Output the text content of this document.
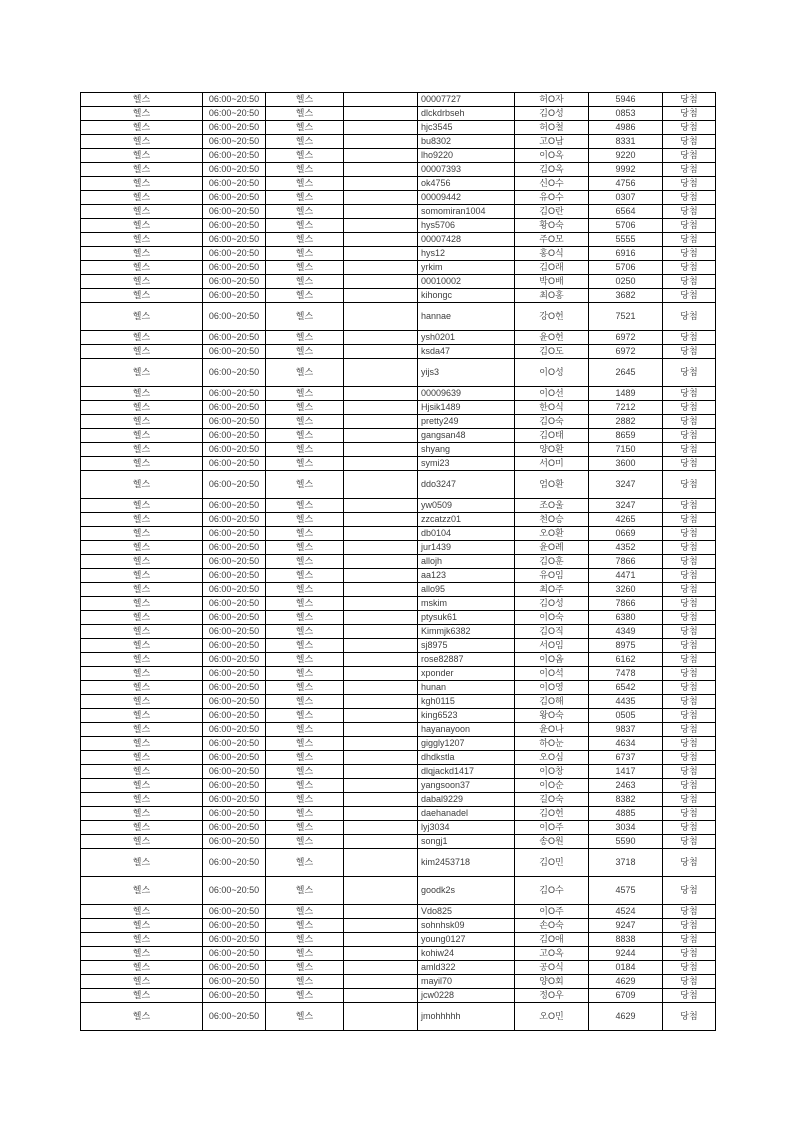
헬스	06:00~20:50	헬스		00007727	허O자	5946	당첨
헬스	06:00~20:50	헬스		dlckdrbseh	김O성	0853	당첨
헬스	06:00~20:50	헬스		hjc3545	허O철	4986	당첨
헬스	06:00~20:50	헬스		bu8302	고O남	8331	당첨
헬스	06:00~20:50	헬스		lho9220	이O옥	9220	당첨
헬스	06:00~20:50	헬스		00007393	김O옥	9992	당첨
헬스	06:00~20:50	헬스		ok4756	신O수	4756	당첨
헬스	06:00~20:50	헬스		00009442	유O수	0307	당첨
헬스	06:00~20:50	헬스		somomiran1004	김O란	6564	당첨
헬스	06:00~20:50	헬스		hys5706	황O숙	5706	당첨
헬스	06:00~20:50	헬스		00007428	주O모	5555	당첨
헬스	06:00~20:50	헬스		hys12	홍O식	6916	당첨
헬스	06:00~20:50	헬스		yrkim	김O래	5706	당첨
헬스	06:00~20:50	헬스		00010002	박O배	0250	당첨
헬스	06:00~20:50	헬스		kihongc	최O홍	3682	당첨
헬스	06:00~20:50	헬스		hannae	강O헌	7521	당첨
헬스	06:00~20:50	헬스		ysh0201	윤O헌	6972	당첨
헬스	06:00~20:50	헬스		ksda47	김O도	6972	당첨
헬스	06:00~20:50	헬스		yijs3	이O성	2645	당첨
헬스	06:00~20:50	헬스		00009639	이O선	1489	당첨
헬스	06:00~20:50	헬스		Hjsik1489	한O식	7212	당첨
헬스	06:00~20:50	헬스		pretty249	김O숙	2882	당첨
헬스	06:00~20:50	헬스		gangsan48	김O태	8659	당첨
헬스	06:00~20:50	헬스		shyang	양O환	7150	당첨
헬스	06:00~20:50	헬스		symi23	서O미	3600	당첨
헬스	06:00~20:50	헬스		ddo3247	엄O환	3247	당첨
헬스	06:00~20:50	헬스		yw0509	조O울	3247	당첨
헬스	06:00~20:50	헬스		zzcatzz01	천O승	4265	당첨
헬스	06:00~20:50	헬스		db0104	오O환	0669	당첨
헬스	06:00~20:50	헬스		jur1439	윤O례	4352	당첨
헬스	06:00~20:50	헬스		allojh	김O훈	7866	당첨
헬스	06:00~20:50	헬스		aa123	유O임	4471	당첨
헬스	06:00~20:50	헬스		allo95	최O주	3260	당첨
헬스	06:00~20:50	헬스		mskim	김O성	7866	당첨
헬스	06:00~20:50	헬스		ptysuk61	이O숙	6380	당첨
헬스	06:00~20:50	헬스		Kimmjk6382	김O직	4349	당첨
헬스	06:00~20:50	헬스		sj8975	서O임	8975	당첨
헬스	06:00~20:50	헬스		rose82887	이O옴	6162	당첨
헬스	06:00~20:50	헬스		xponder	이O석	7478	당첨
헬스	06:00~20:50	헬스		hunan	이O영	6542	당첨
헬스	06:00~20:50	헬스		kgh0115	김O해	4435	당첨
헬스	06:00~20:50	헬스		king6523	왕O숙	0505	당첨
헬스	06:00~20:50	헬스		hayanayoon	윤O나	9837	당첨
헬스	06:00~20:50	헬스		giggly1207	하O눈	4634	당첨
헬스	06:00~20:50	헬스		dhdkstla	오O심	6737	당첨
헬스	06:00~20:50	헬스		dlqjackd1417	이O창	1417	당첨
헬스	06:00~20:50	헬스		yangsoon37	이O순	2463	당첨
헬스	06:00~20:50	헬스		dabal9229	길O숙	8382	당첨
헬스	06:00~20:50	헬스		daehanadel	김O헌	4885	당첨
헬스	06:00~20:50	헬스		lyj3034	이O주	3034	당첨
헬스	06:00~20:50	헬스		songj1	송O원	5590	당첨
헬스	06:00~20:50	헬스		kim2453718	김O민	3718	당첨
헬스	06:00~20:50	헬스		goodk2s	김O수	4575	당첨
헬스	06:00~20:50	헬스		Vdo825	이O주	4524	당첨
헬스	06:00~20:50	헬스		sohnhsk09	손O숙	9247	당첨
헬스	06:00~20:50	헬스		young0127	김O애	8838	당첨
헬스	06:00~20:50	헬스		kohiw24	고O옥	9244	당첨
헬스	06:00~20:50	헬스		amld322	공O식	0184	당첨
헬스	06:00~20:50	헬스		mayil70	양O회	4629	당첨
헬스	06:00~20:50	헬스		jcw0228	정O우	6709	당첨
헬스	06:00~20:50	헬스		jmohhhhh	오O민	4629	당첨
